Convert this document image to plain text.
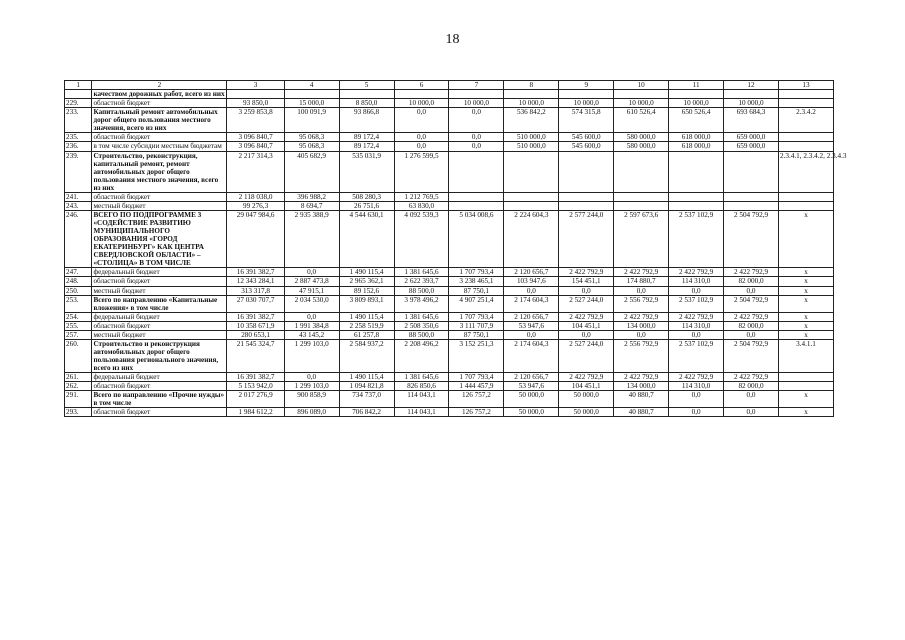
18
1	2	3	4	5	6	7	8	9	10	11	12	13
	качеством дорожных работ, всего из них											
229.	областной бюджет	93 850,0	15 000,0	8 850,0	10 000,0	10 000,0	10 000,0	10 000,0	10 000,0	10 000,0	10 000,0	
233.	Капитальный ремонт автомобильных дорог общего пользования местного значения, всего из них	3 259 853,8	100 091,9	93 866,8	0,0	0,0	536 842,2	574 315,8	610 526,4	650 526,4	693 684,3	2.3.4.2
235.	областной бюджет	3 096 840,7	95 068,3	89 172,4	0,0	0,0	510 000,0	545 600,0	580 000,0	618 000,0	659 000,0	
236.	в том числе субсидии местным бюджетам	3 096 840,7	95 068,3	89 172,4	0,0	0,0	510 000,0	545 600,0	580 000,0	618 000,0	659 000,0	
239.	Строительство, реконструкция, капитальный ремонт, ремонт автомобильных дорог общего пользования местного значения, всего из них	2 217 314,3	405 682,9	535 031,9	1 276 599,5							2.3.4.1, 2.3.4.2, 2.3.4.3
241.	областной бюджет	2 118 038,0	396 988,2	508 280,3	1 212 769,5							
243.	местный бюджет	99 276,3	8 694,7	26 751,6	63 830,0							
246.	ВСЕГО ПО ПОДПРОГРАММЕ 3 «СОДЕЙСТВИЕ РАЗВИТИЮ МУНИЦИПАЛЬНОГО ОБРАЗОВАНИЯ «ГОРОД ЕКАТЕРИНБУРГ» КАК ЦЕНТРА СВЕРДЛОВСКОЙ ОБЛАСТИ» – «СТОЛИЦА» В ТОМ ЧИСЛЕ	29 047 984,6	2 935 388,9	4 544 630,1	4 092 539,3	5 034 008,6	2 224 604,3	2 577 244,0	2 597 673,6	2 537 102,9	2 504 792,9	х
247.	федеральный бюджет	16 391 382,7	0,0	1 490 115,4	1 381 645,6	1 707 793,4	2 120 656,7	2 422 792,9	2 422 792,9	2 422 792,9	2 422 792,9	х
248.	областной бюджет	12 343 284,1	2 887 473,8	2 965 362,1	2 622 393,7	3 238 465,1	103 947,6	154 451,1	174 880,7	114 310,0	82 000,0	х
250.	местный бюджет	313 317,8	47 915,1	89 152,6	88 500,0	87 750,1	0,0	0,0	0,0	0,0	0,0	х
253.	Всего по направлению «Капитальные вложения» в том числе	27 030 707,7	2 034 530,0	3 809 893,1	3 978 496,2	4 907 251,4	2 174 604,3	2 527 244,0	2 556 792,9	2 537 102,9	2 504 792,9	х
254.	федеральный бюджет	16 391 382,7	0,0	1 490 115,4	1 381 645,6	1 707 793,4	2 120 656,7	2 422 792,9	2 422 792,9	2 422 792,9	2 422 792,9	х
255.	областной бюджет	10 358 671,9	1 991 384,8	2 258 519,9	2 508 350,6	3 111 707,9	53 947,6	104 451,1	134 000,0	114 310,0	82 000,0	х
257.	местный бюджет	280 653,1	43 145,2	61 257,8	88 500,0	87 750,1	0,0	0,0	0,0	0,0	0,0	х
260.	Строительство и реконструкция автомобильных дорог общего пользования регионального значения, всего из них	21 545 324,7	1 299 103,0	2 584 937,2	2 208 496,2	3 152 251,3	2 174 604,3	2 527 244,0	2 556 792,9	2 537 102,9	2 504 792,9	3.4.1.1
261.	федеральный бюджет	16 391 382,7	0,0	1 490 115,4	1 381 645,6	1 707 793,4	2 120 656,7	2 422 792,9	2 422 792,9	2 422 792,9	2 422 792,9	
262.	областной бюджет	5 153 942,0	1 299 103,0	1 094 821,8	826 850,6	1 444 457,9	53 947,6	104 451,1	134 000,0	114 310,0	82 000,0	
291.	Всего по направлению «Прочие нужды» в том числе	2 017 276,9	900 858,9	734 737,0	114 043,1	126 757,2	50 000,0	50 000,0	40 880,7	0,0	0,0	х
293.	областной бюджет	1 984 612,2	896 089,0	706 842,2	114 043,1	126 757,2	50 000,0	50 000,0	40 880,7	0,0	0,0	х
